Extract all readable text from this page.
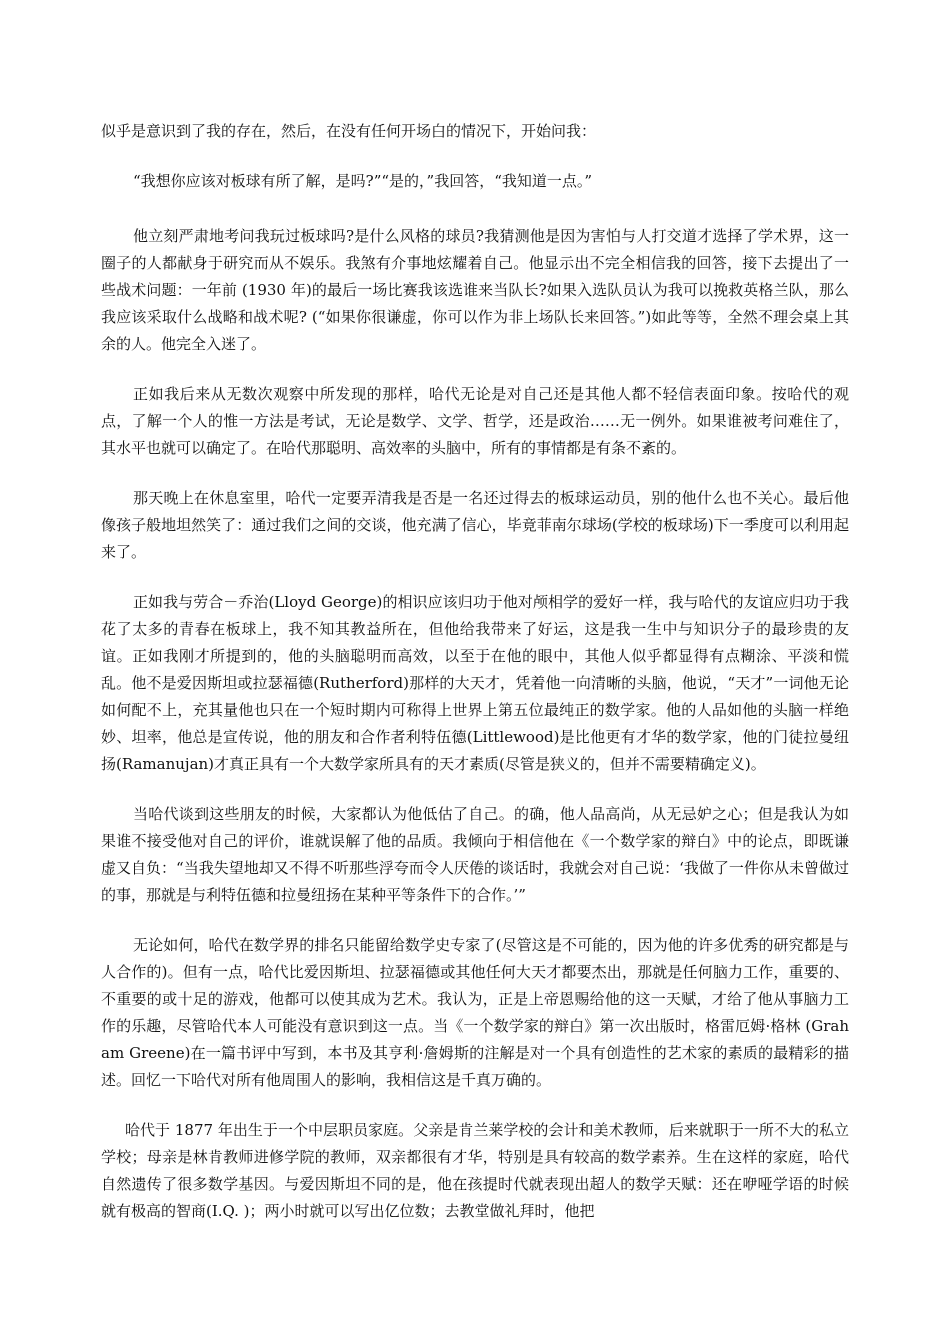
似乎是意识到了我的存在，然后，在没有任何开场白的情况下，开始问我：

“我想你应该对板球有所了解，是吗?”“是的，”我回答，“我知道一点。”

他立刻严肃地考问我玩过板球吗?是什么风格的球员?我猜测他是因为害怕与人打交道才选择了学术界，这一圈子的人都献身于研究而从不娱乐。我煞有介事地炫耀着自己。他显示出不完全相信我的回答，接下去提出了一些战术问题：一年前 (1930 年)的最后一场比赛我该选谁来当队长?如果入选队员认为我可以挽救英格兰队，那么我应该采取什么战略和战术呢? (“如果你很谦虚，你可以作为非上场队长来回答。”)如此等等，全然不理会桌上其余的人。他完全入迷了。

正如我后来从无数次观察中所发现的那样，哈代无论是对自己还是其他人都不轻信表面印象。按哈代的观点，了解一个人的惟一方法是考试，无论是数学、文学、哲学，还是政治……无一例外。如果谁被考问难住了，其水平也就可以确定了。在哈代那聪明、高效率的头脑中，所有的事情都是有条不紊的。

那天晚上在休息室里，哈代一定要弄清我是否是一名还过得去的板球运动员，别的他什么也不关心。最后他像孩子般地坦然笑了：通过我们之间的交谈，他充满了信心，毕竟菲南尔球场(学校的板球场)下一季度可以利用起来了。

正如我与劳合－乔治(Lloyd George)的相识应该归功于他对颅相学的爱好一样，我与哈代的友谊应归功于我花了太多的青春在板球上，我不知其教益所在，但他给我带来了好运，这是我一生中与知识分子的最珍贵的友谊。正如我刚才所提到的，他的头脑聪明而高效，以至于在他的眼中，其他人似乎都显得有点糊涂、平淡和慌乱。他不是爱因斯坦或拉瑟福德(Rutherford)那样的大天才，凭着他一向清晰的头脑，他说，“天才”一词他无论如何配不上，充其量他也只在一个短时期内可称得上世界上第五位最纯正的数学家。他的人品如他的头脑一样绝妙、坦率，他总是宣传说，他的朋友和合作者利特伍德(Littlewood)是比他更有才华的数学家，他的门徒拉曼纽扬(Ramanujan)才真正具有一个大数学家所具有的天才素质(尽管是狭义的，但并不需要精确定义)。

当哈代谈到这些朋友的时候，大家都认为他低估了自己。的确，他人品高尚，从无忌妒之心；但是我认为如果谁不接受他对自己的评价，谁就误解了他的品质。我倾向于相信他在《一个数学家的辩白》中的论点，即既谦虚又自负：“当我失望地却又不得不听那些浮夸而令人厌倦的谈话时，我就会对自己说：‘我做了一件你从未曾做过的事，那就是与利特伍德和拉曼纽扬在某种平等条件下的合作。’”

无论如何，哈代在数学界的排名只能留给数学史专家了(尽管这是不可能的，因为他的许多优秀的研究都是与人合作的)。但有一点，哈代比爱因斯坦、拉瑟福德或其他任何大天才都要杰出，那就是任何脑力工作，重要的、不重要的或十足的游戏，他都可以使其成为艺术。我认为，正是上帝恩赐给他的这一天赋，才给了他从事脑力工作的乐趣，尽管哈代本人可能没有意识到这一点。当《一个数学家的辩白》第一次出版时，格雷厄姆·格林 (Graham Greene)在一篇书评中写到，本书及其亨利·詹姆斯的注解是对一个具有创造性的艺术家的素质的最精彩的描述。回忆一下哈代对所有他周围人的影响，我相信这是千真万确的。

哈代于 1877 年出生于一个中层职员家庭。父亲是肯兰莱学校的会计和美术教师，后来就职于一所不大的私立学校；母亲是林肯教师进修学院的教师，双亲都很有才华，特别是具有较高的数学素养。生在这样的家庭，哈代自然遗传了很多数学基因。与爱因斯坦不同的是，他在孩提时代就表现出超人的数学天赋：还在咿哑学语的时候就有极高的智商(I.Q. )；两小时就可以写出亿位数；去教堂做礼拜时，他把
